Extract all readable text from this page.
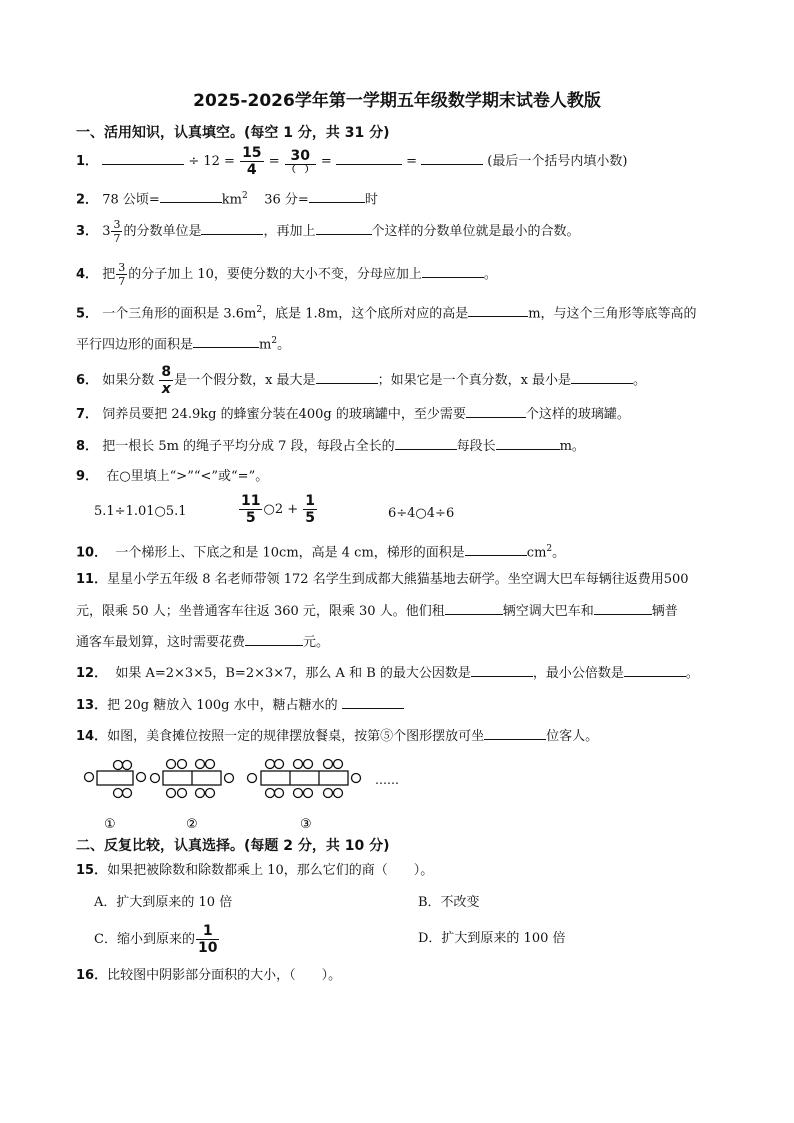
2025-2026学年第一学期五年级数学期末试卷人教版
一、活用知识，认真填空。(每空 1 分，共 31 分)
1．	÷ $12 = \frac{15}{4} = \frac{30}{( )}$ =	=	(最后一个括号内填小数)
2． 78 公顷=	$km^2$ 36 分=	时
3． $3 \frac{3}{7}$ 的分数单位是	，再加上	个这样的分数单位就是最小的合数。
4． 把 $\frac{3}{7}$ 的分子加上 10，要使分数的大小不变，分母应加上	。
5． 一个三角形的面积是 $3.6m^2$，底是 1.8m，这个底所对应的高是	m，与这个三角形等底等高的
平行四边形的面积是	$m^2$。
6． 如果分数 $\frac{8}{x}$ 是一个假分数，x 最大是	；如果它是一个真分数，x 最小是	。
7． 饲养员要把 24.9kg 的蜂蜜分装在400g 的玻璃罐中，至少需要	个这样的玻璃罐。
8． 把一根长 5m 的绳子平均分成 7 段，每段占全长的	每段长	m。
9． 在○里填上“>”“<”或“=”。
5.1÷1.01○5.1	$\frac{11}{5}$ ○2 + $\frac{1}{5}$	6÷4○4÷6
10． 一个梯形上、下底之和是 10cm，高是 4 cm，梯形的面积是	$cm^2$。
11．星星小学五年级 8 名老师带领 172 名学生到成都大熊猫基地去研学。坐空调大巴车每辆往返费用500
元，限乘 50 人；坐普通客车往返 360 元，限乘 30 人。他们租	辆空调大巴车和	辆普
通客车最划算，这时需要花费	元。
12． 如果 A=2×3×5，B=2×3×7，那么 A 和 B 的最大公因数是	，最小公倍数是	。
13．把 20g 糖放入 100g 水中，糖占糖水的
14．如图，美食摊位按照一定的规律摆放餐桌，按第⑤个图形摆放可坐	位客人。
……
①	②	③
二、反复比较，认真选择。(每题 2 分，共 10 分)
15．如果把被除数和除数都乘上 10，那么它们的商（　　）。
A．扩大到原来的 10 倍	B．不改变
C．缩小到原来的 $\frac{1}{10}$	D．扩大到原来的 100 倍
16．比较图中阴影部分面积的大小，（　　）。
